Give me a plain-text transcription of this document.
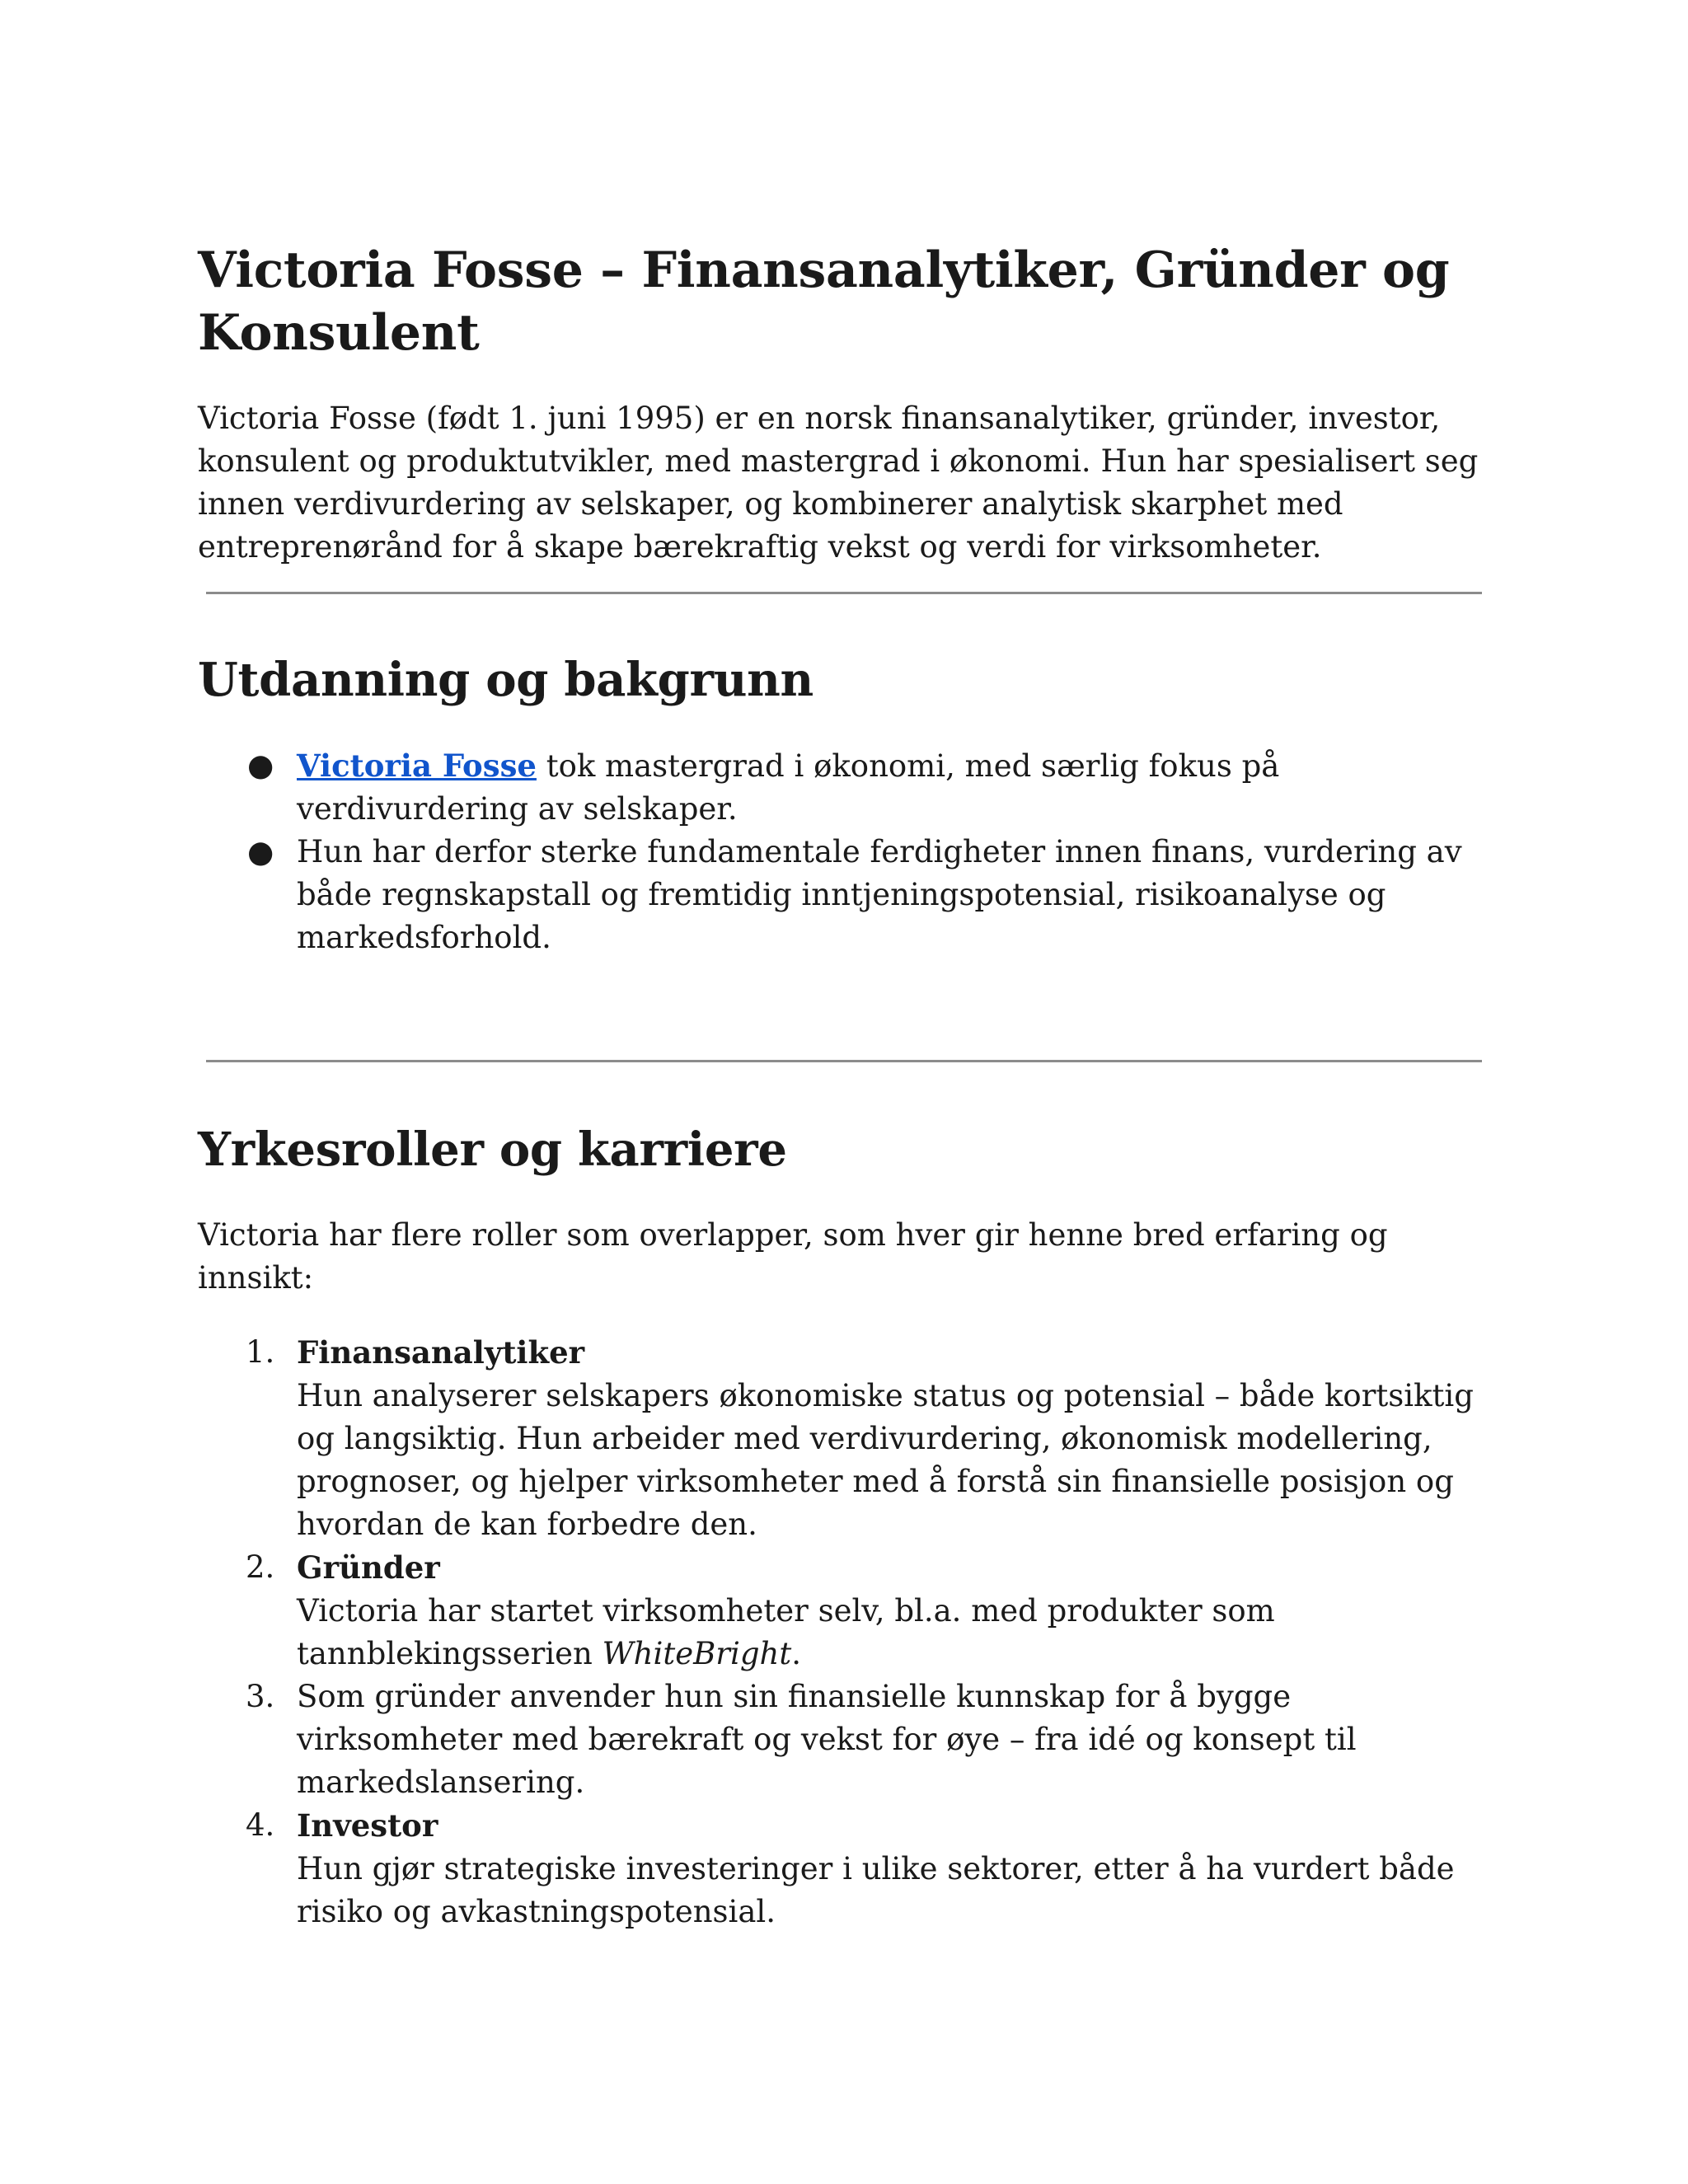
Victoria Fosse – Finansanalytiker, Gründer og Konsulent

Victoria Fosse (født 1. juni 1995) er en norsk finansanalytiker, gründer, investor, konsulent og produktutvikler, med mastergrad i økonomi. Hun har spesialisert seg innen verdivurdering av selskaper, og kombinerer analytisk skarphet med entreprenørånd for å skape bærekraftig vekst og verdi for virksomheter.

Utdanning og bakgrunn
● Victoria Fosse tok mastergrad i økonomi, med særlig fokus på verdivurdering av selskaper.
● Hun har derfor sterke fundamentale ferdigheter innen finans, vurdering av både regnskapstall og fremtidig inntjeningspotensial, risikoanalyse og markedsforhold.
Yrkesroller og karriere

Victoria har flere roller som overlapper, som hver gir henne bred erfaring og innsikt:

1. Finansanalytiker
Hun analyserer selskapers økonomiske status og potensial – både kortsiktig og langsiktig. Hun arbeider med verdivurdering, økonomisk modellering, prognoser, og hjelper virksomheter med å forstå sin finansielle posisjon og hvordan de kan forbedre den.
2. Gründer
Victoria har startet virksomheter selv, bl.a. med produkter som tannblekingsserien WhiteBright.
3. Som gründer anvender hun sin finansielle kunnskap for å bygge virksomheter med bærekraft og vekst for øye – fra idé og konsept til markedslansering.
4. Investor
Hun gjør strategiske investeringer i ulike sektorer, etter å ha vurdert både risiko og avkastningspotensial.
